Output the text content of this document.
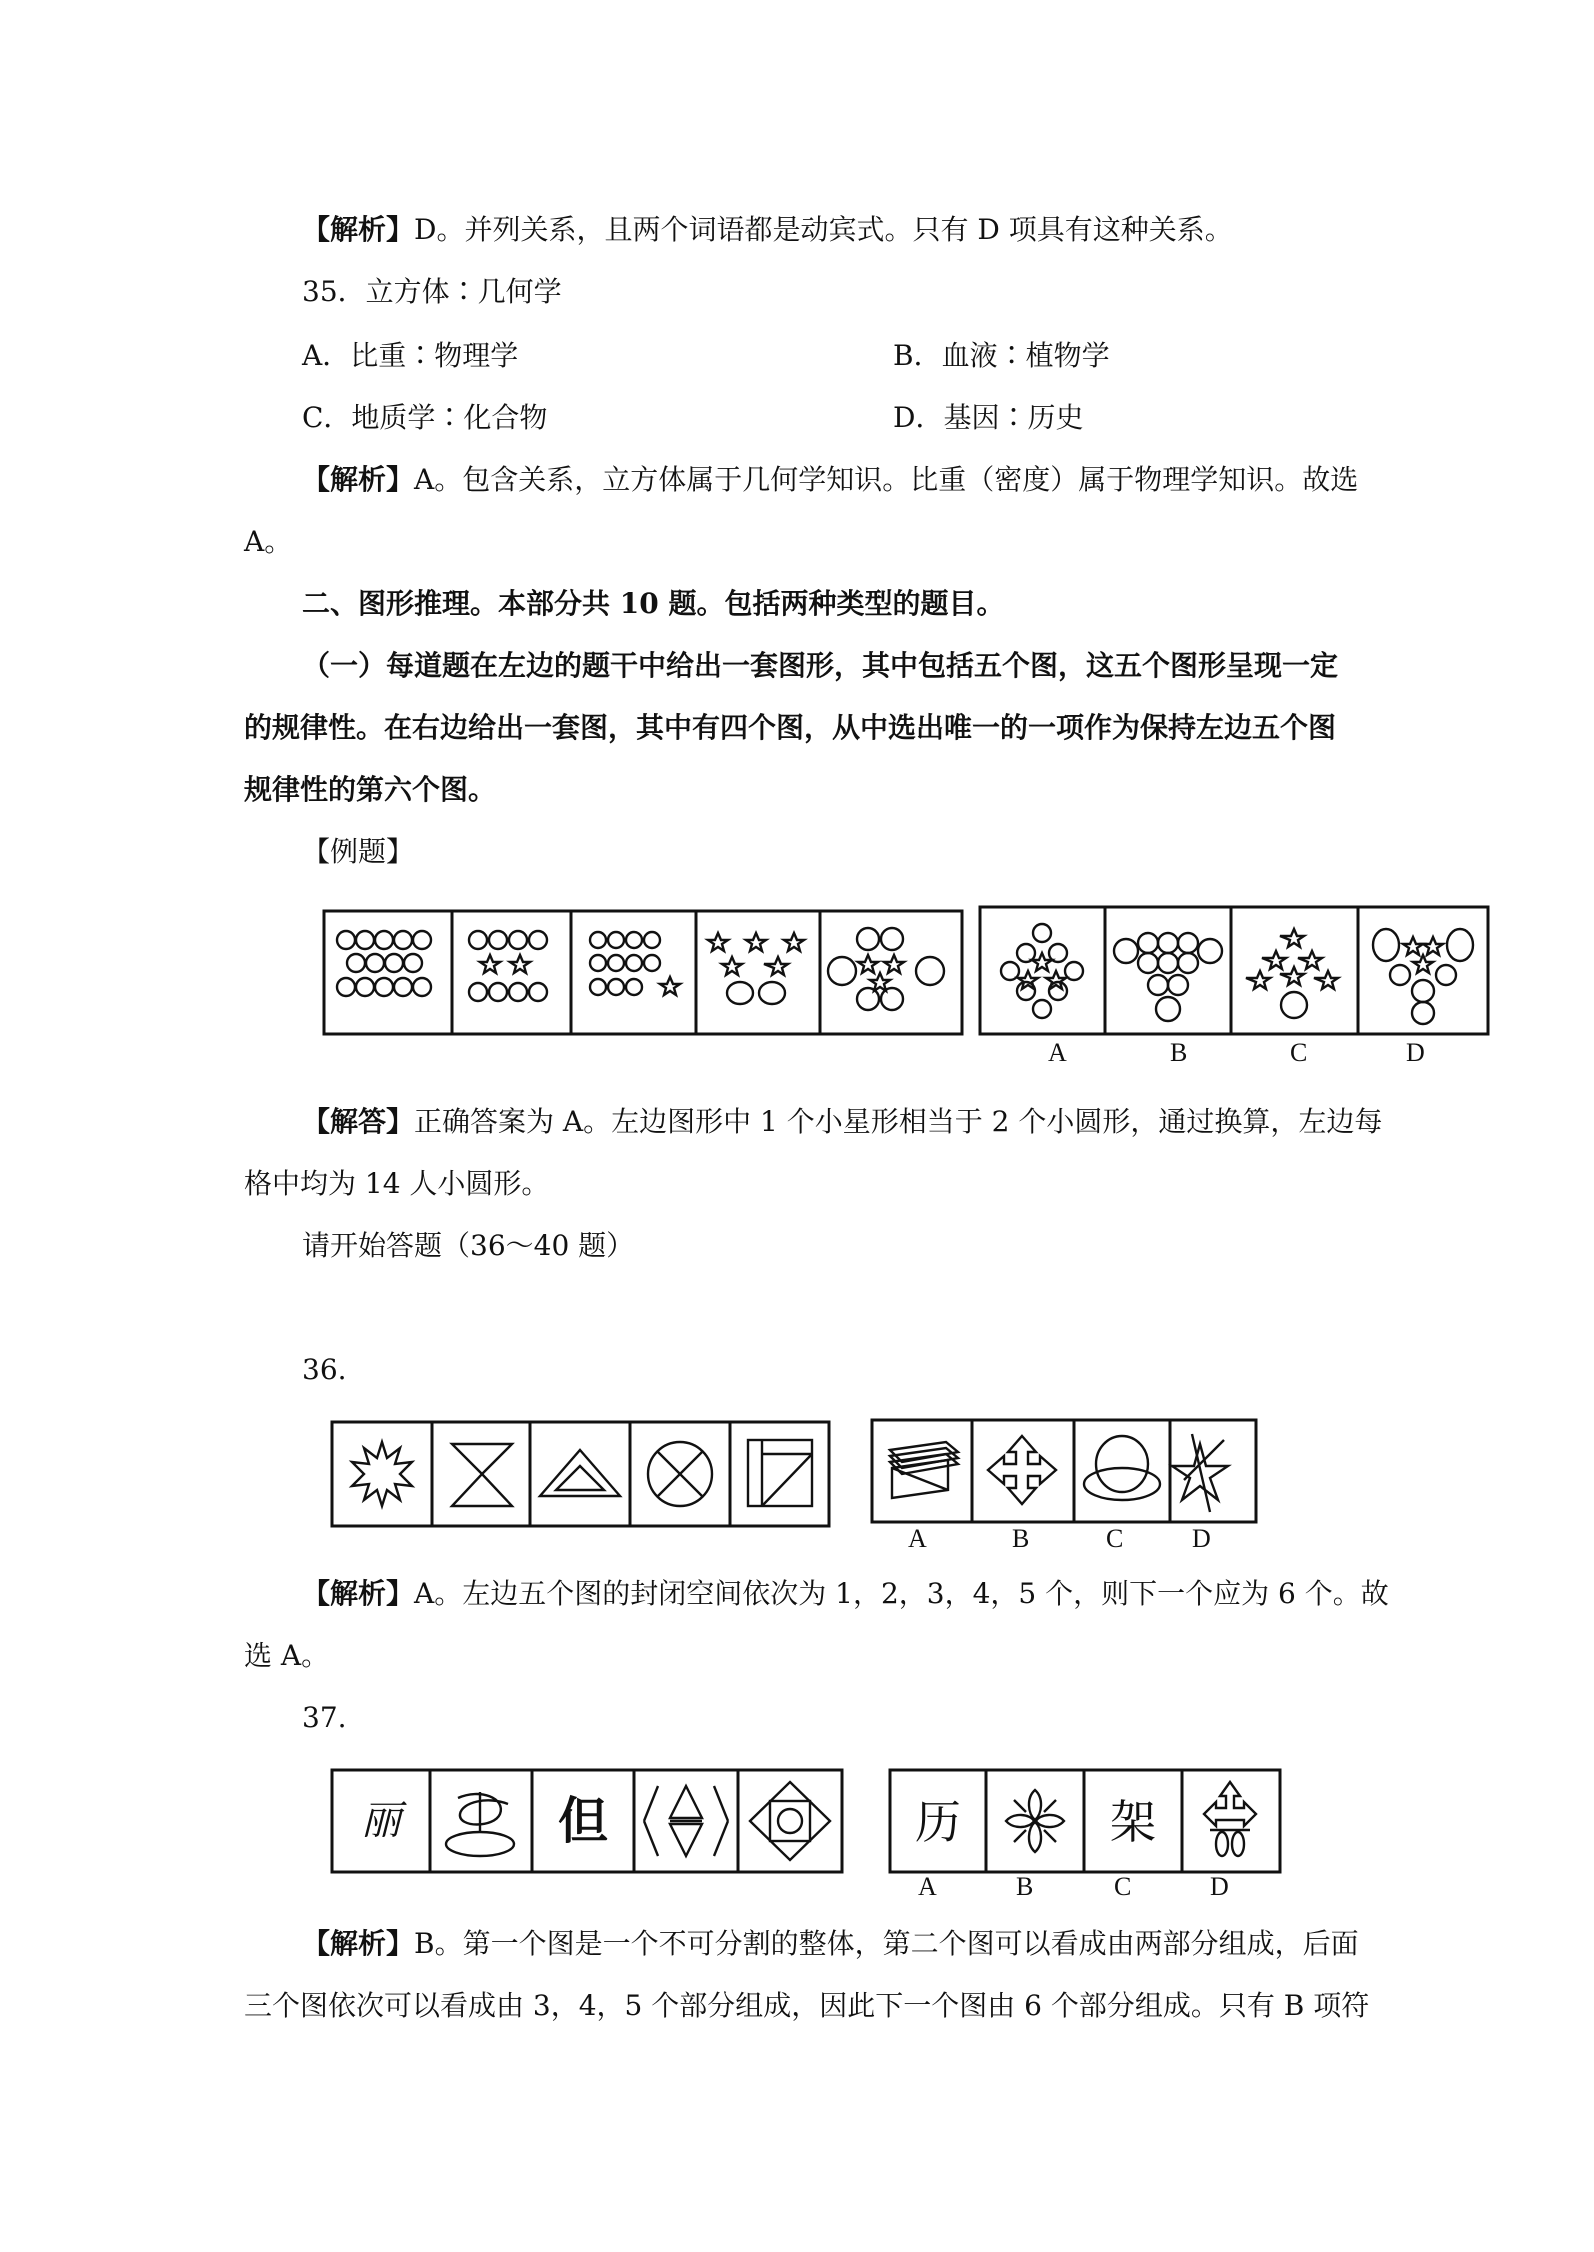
【解析】D。并列关系，且两个词语都是动宾式。只有 D 项具有这种关系。
35．立方体∶几何学
A．比重∶物理学	B．血液∶植物学
C．地质学∶化合物	D．基因∶历史
【解析】A。包含关系，立方体属于几何学知识。比重（密度）属于物理学知识。故选
A。
二、图形推理。本部分共 10 题。包括两种类型的题目。
（一）每道题在左边的题干中给出一套图形，其中包括五个图，这五个图形呈现一定
的规律性。在右边给出一套图，其中有四个图，从中选出唯一的一项作为保持左边五个图
规律性的第六个图。
【例题】
A	B	C	D
【解答】正确答案为 A。左边图形中 1 个小星形相当于 2 个小圆形，通过换算，左边每
格中均为 14 人小圆形。
请开始答题（36～40 题）
36.
A	B	C	D
【解析】A。左边五个图的封闭空间依次为 1，2，3，4，5 个，则下一个应为 6 个。故
选 A。
37.
丽	但	历	架
A	B	C	D
【解析】B。第一个图是一个不可分割的整体，第二个图可以看成由两部分组成，后面
三个图依次可以看成由 3，4，5 个部分组成，因此下一个图由 6 个部分组成。只有 B 项符
